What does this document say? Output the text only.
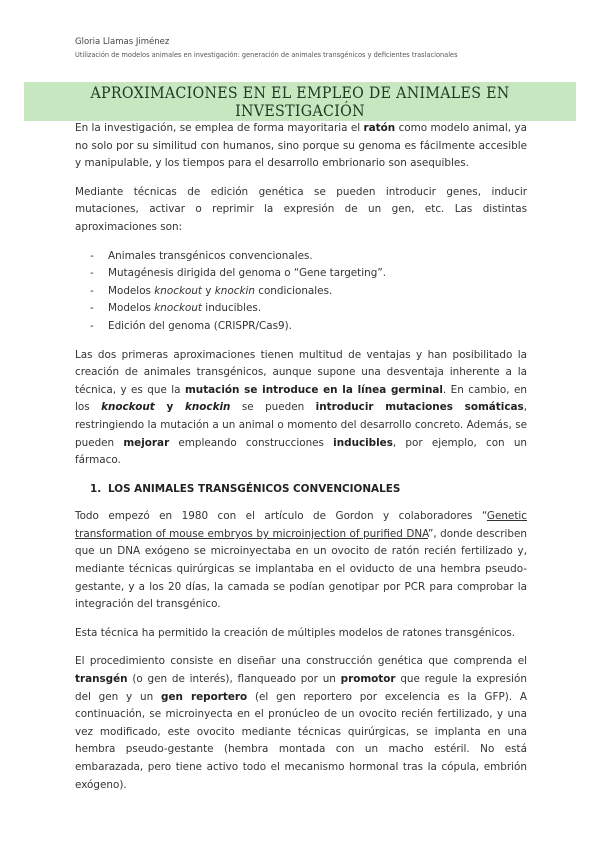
Gloria Llamas Jiménez
Utilización de modelos animales en investigación: generación de animales transgénicos y deficientes traslacionales
APROXIMACIONES EN EL EMPLEO DE ANIMALES EN INVESTIGACIÓN

En la investigación, se emplea de forma mayoritaria el ratón como modelo animal, ya no solo por su similitud con humanos, sino porque su genoma es fácilmente accesible y manipulable, y los tiempos para el desarrollo embrionario son asequibles.

Mediante técnicas de edición genética se pueden introducir genes, inducir mutaciones, activar o reprimir la expresión de un gen, etc. Las distintas aproximaciones son:

- Animales transgénicos convencionales.
- Mutagénesis dirigida del genoma o “Gene targeting”.
- Modelos knockout y knockin condicionales.
- Modelos knockout inducibles.
- Edición del genoma (CRISPR/Cas9).

Las dos primeras aproximaciones tienen multitud de ventajas y han posibilitado la creación de animales transgénicos, aunque supone una desventaja inherente a la técnica, y es que la mutación se introduce en la línea germinal. En cambio, en los knockout y knockin se pueden introducir mutaciones somáticas, restringiendo la mutación a un animal o momento del desarrollo concreto. Además, se pueden mejorar empleando construcciones inducibles, por ejemplo, con un fármaco.

1. LOS ANIMALES TRANSGÉNICOS CONVENCIONALES

Todo empezó en 1980 con el artículo de Gordon y colaboradores “Genetic transformation of mouse embryos by microinjection of purified DNA”, donde describen que un DNA exógeno se microinyectaba en un ovocito de ratón recién fertilizado y, mediante técnicas quirúrgicas se implantaba en el oviducto de una hembra pseudo-gestante, y a los 20 días, la camada se podían genotipar por PCR para comprobar la integración del transgénico.

Esta técnica ha permitido la creación de múltiples modelos de ratones transgénicos.

El procedimiento consiste en diseñar una construcción genética que comprenda el transgén (o gen de interés), flanqueado por un promotor que regule la expresión del gen y un gen reportero (el gen reportero por excelencia es la GFP). A continuación, se microinyecta en el pronúcleo de un ovocito recién fertilizado, y una vez modificado, este ovocito mediante técnicas quirúrgicas, se implanta en una hembra pseudo-gestante (hembra montada con un macho estéril. No está embarazada, pero tiene activo todo el mecanismo hormonal tras la cópula, embrión exógeno).
